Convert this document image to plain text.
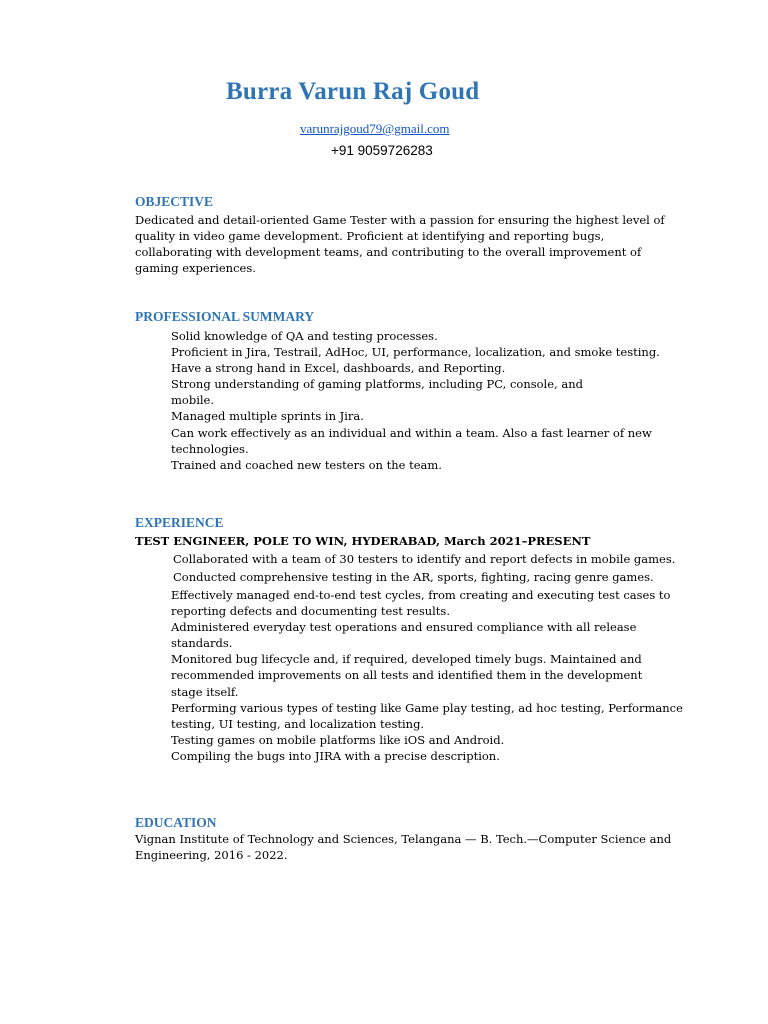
Burra Varun Raj Goud
varunrajgoud79@gmail.com
+91 9059726283
OBJECTIVE
Dedicated and detail-oriented Game Tester with a passion for ensuring the highest level of
quality in video game development. Proficient at identifying and reporting bugs,
collaborating with development teams, and contributing to the overall improvement of
gaming experiences.
PROFESSIONAL SUMMARY
Solid knowledge of QA and testing processes.
Proficient in Jira, Testrail, AdHoc, UI, performance, localization, and smoke testing.
Have a strong hand in Excel, dashboards, and Reporting.
Strong understanding of gaming platforms, including PC, console, and
mobile.
Managed multiple sprints in Jira.
Can work effectively as an individual and within a team. Also a fast learner of new
technologies.
Trained and coached new testers on the team.
EXPERIENCE
TEST ENGINEER, POLE TO WIN, HYDERABAD, March 2021–PRESENT
Collaborated with a team of 30 testers to identify and report defects in mobile games.
Conducted comprehensive testing in the AR, sports, fighting, racing genre games.
Effectively managed end-to-end test cycles, from creating and executing test cases to
reporting defects and documenting test results.
Administered everyday test operations and ensured compliance with all release
standards.
Monitored bug lifecycle and, if required, developed timely bugs. Maintained and
recommended improvements on all tests and identified them in the development
stage itself.
Performing various types of testing like Game play testing, ad hoc testing, Performance
testing, UI testing, and localization testing.
Testing games on mobile platforms like iOS and Android.
Compiling the bugs into JIRA with a precise description.
EDUCATION
Vignan Institute of Technology and Sciences, Telangana — B. Tech.—Computer Science and
Engineering, 2016 - 2022.
